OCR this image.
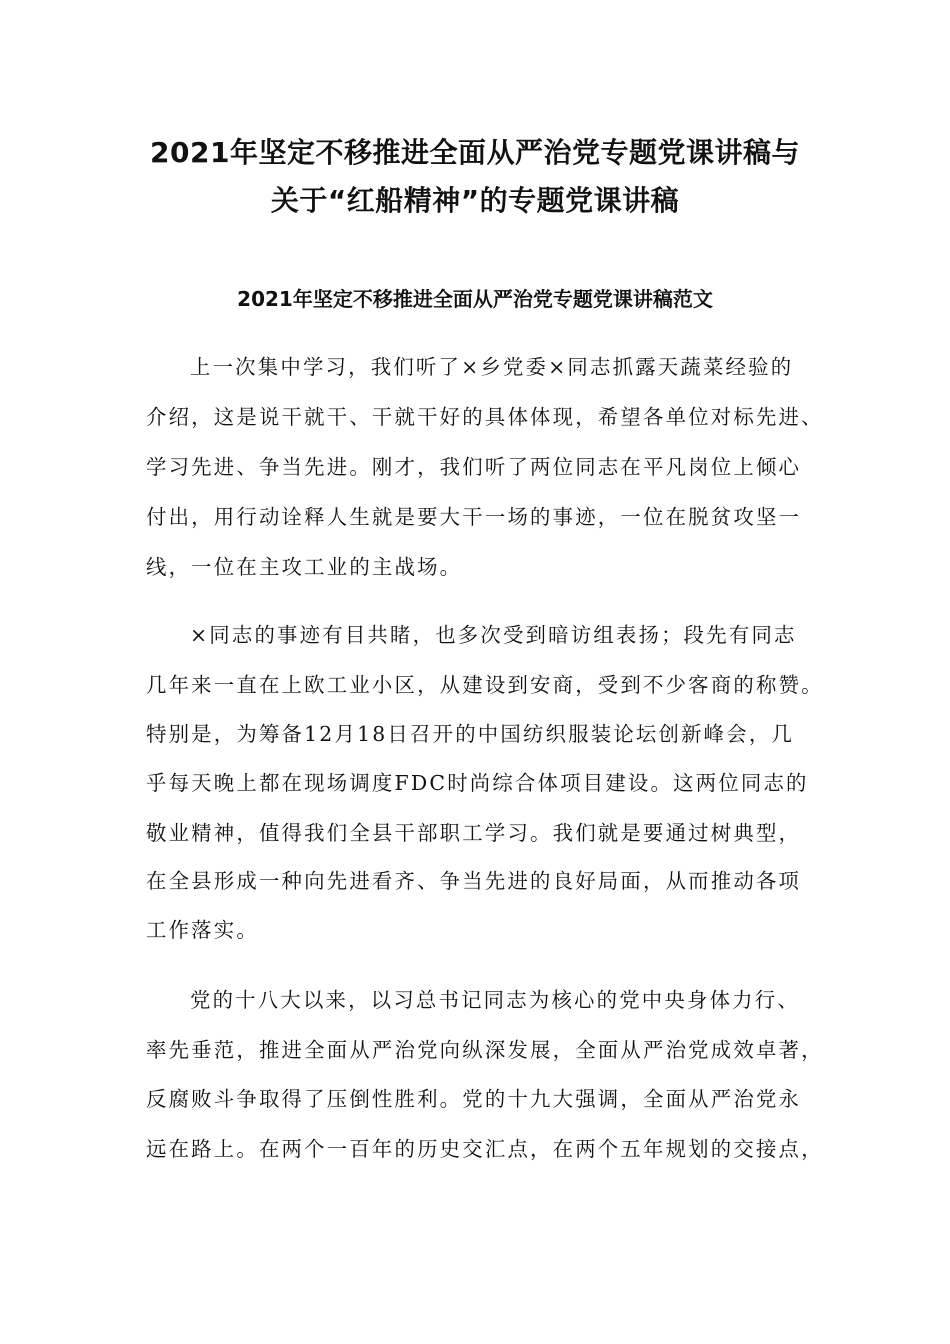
2021年坚定不移推进全面从严治党专题党课讲稿与
关于“红船精神”的专题党课讲稿
2021年坚定不移推进全面从严治党专题党课讲稿范文
上一次集中学习，我们听了×乡党委×同志抓露天蔬菜经验的
介绍，这是说干就干、干就干好的具体体现，希望各单位对标先进、
学习先进、争当先进。刚才，我们听了两位同志在平凡岗位上倾心
付出，用行动诠释人生就是要大干一场的事迹，一位在脱贫攻坚一
线，一位在主攻工业的主战场。
×同志的事迹有目共睹，也多次受到暗访组表扬；段先有同志
几年来一直在上欧工业小区，从建设到安商，受到不少客商的称赞。
特别是，为筹备12月18日召开的中国纺织服装论坛创新峰会，几
乎每天晚上都在现场调度FDC时尚综合体项目建设。这两位同志的
敬业精神，值得我们全县干部职工学习。我们就是要通过树典型，
在全县形成一种向先进看齐、争当先进的良好局面，从而推动各项
工作落实。
党的十八大以来，以习总书记同志为核心的党中央身体力行、
率先垂范，推进全面从严治党向纵深发展，全面从严治党成效卓著，
反腐败斗争取得了压倒性胜利。党的十九大强调，全面从严治党永
远在路上。在两个一百年的历史交汇点，在两个五年规划的交接点，
